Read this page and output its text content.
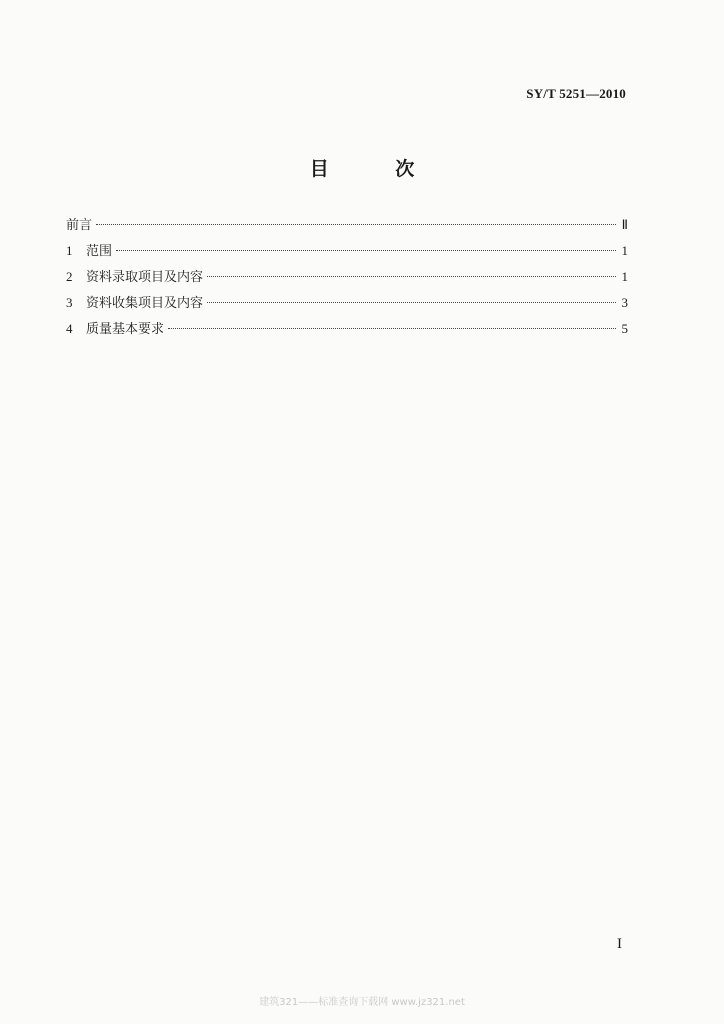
SY/T 5251—2010
目 次
前言	Ⅱ
1	范围	1
2	资料录取项目及内容	1
3	资料收集项目及内容	3
4	质量基本要求	5
I
建筑321——标准查询下载网 www.jz321.net
